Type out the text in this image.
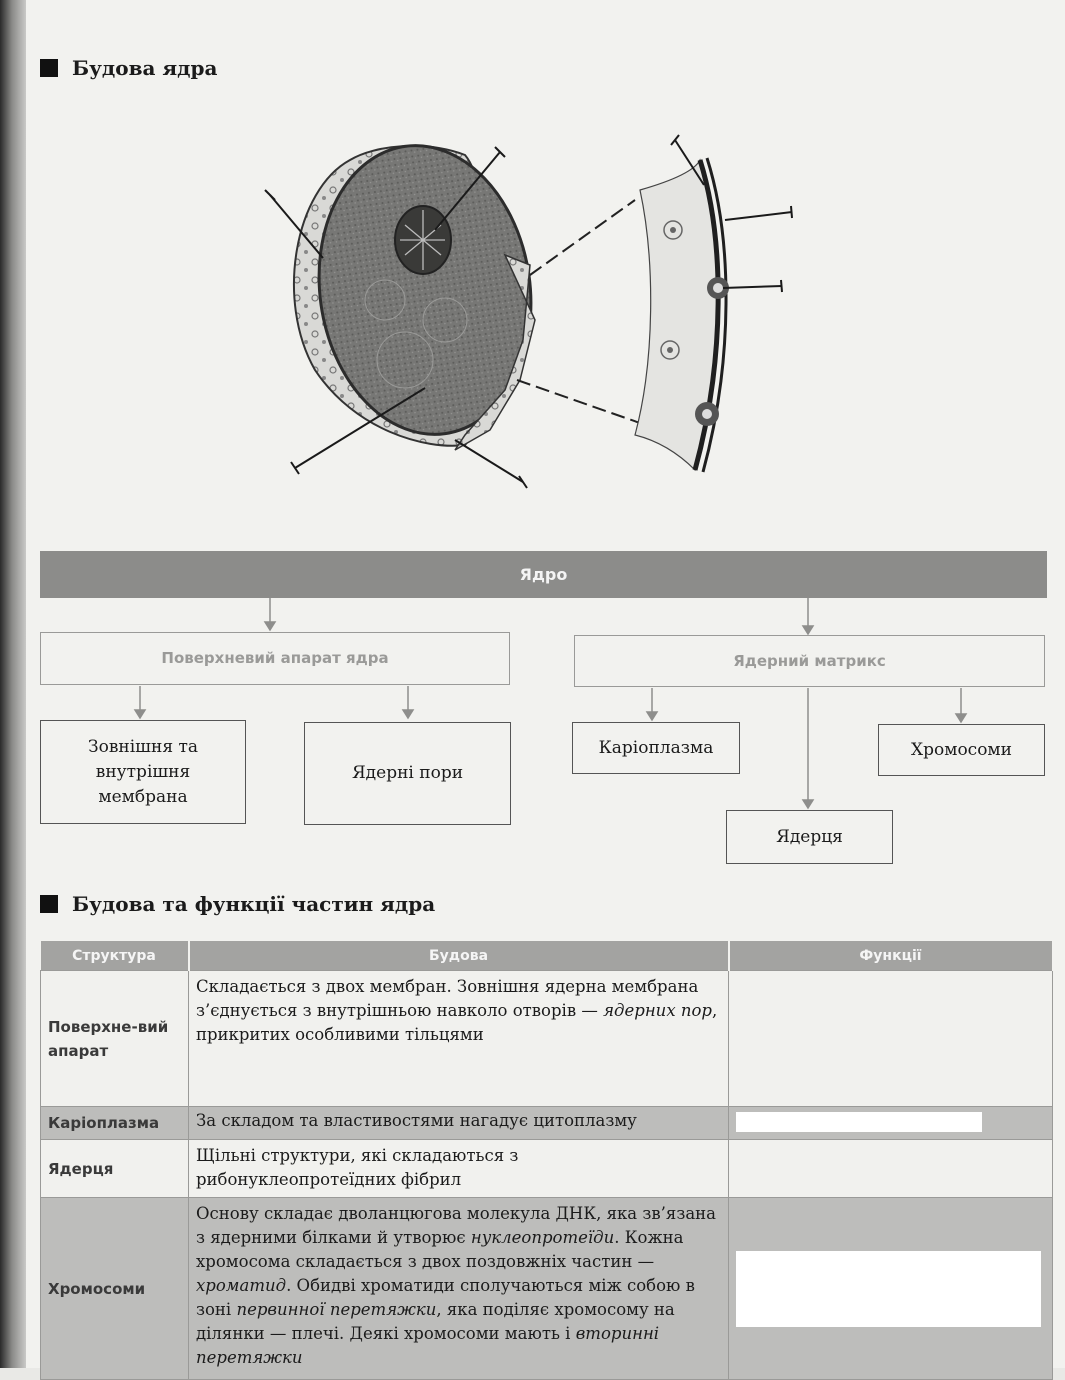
Будова ядра
Ядро
Поверхневий апарат ядра	Ядерний матрикс
Зовнішня та внутрішня мембрана
Ядерні пори
Каріоплазма	Хромосоми
Ядерця
Будова та функції частин ядра
Структура	Будова	Функції
Поверхне-вий апарат	Складається з двох мембран. Зовнішня ядерна мембрана з’єднується з внутрішньою навколо отворів — ядерних пор, прикритих особливими тільцями	
Каріоплазма	За складом та властивостями нагадує цитоплазму	

Ядерця	Щільні структури, які складаються з рибонуклеопротеїдних фібрил	
Хромосоми	Основу складає дволанцюгова молекула ДНК, яка зв’язана з ядерними білками й утворює нуклеопротеїди. Кожна хромосома складається з двох поздовжніх частин — хроматид. Обидві хроматиди сполучаються між собою в зоні первинної перетяжки, яка поділяє хромосому на ділянки — плечі. Деякі хромосоми мають і вторинні перетяжки	
